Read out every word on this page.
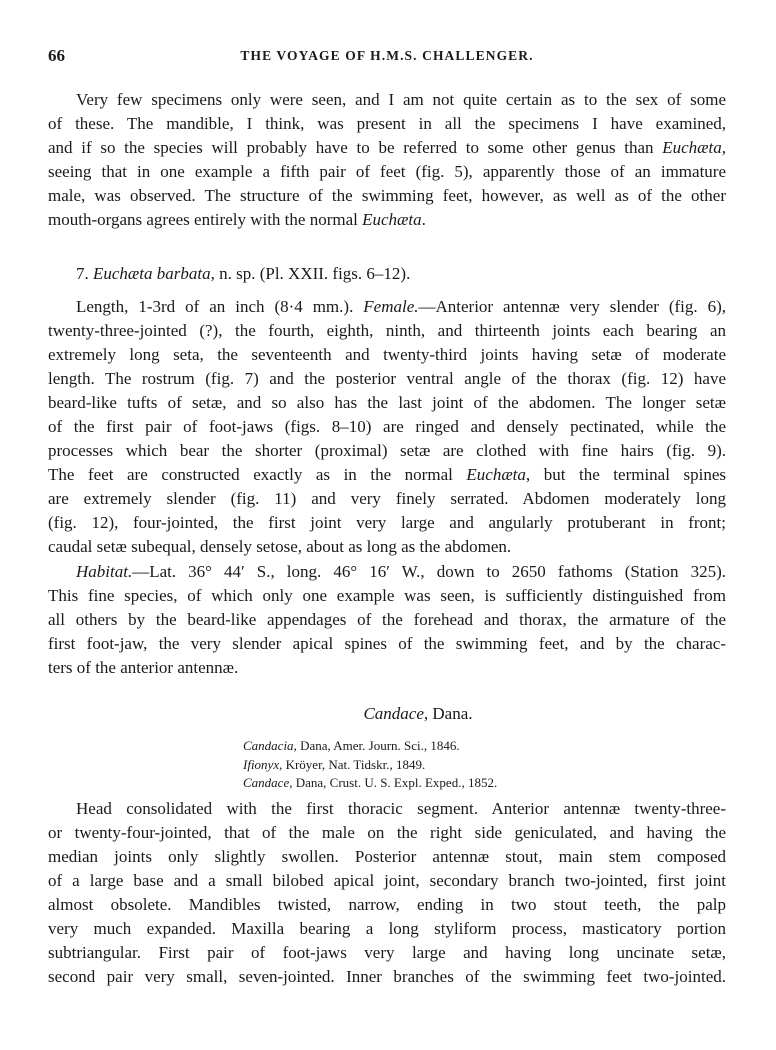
66	THE VOYAGE OF H.M.S. CHALLENGER.
Very few specimens only were seen, and I am not quite certain as to the sex of some
of these. The mandible, I think, was present in all the specimens I have examined,
and if so the species will probably have to be referred to some other genus than Euchæta,
seeing that in one example a fifth pair of feet (fig. 5), apparently those of an immature
male, was observed. The structure of the swimming feet, however, as well as of the other
mouth-organs agrees entirely with the normal Euchæta.

7. Euchæta barbata, n. sp. (Pl. XXII. figs. 6–12).

Length, 1-3rd of an inch (8·4 mm.). Female.—Anterior antennæ very slender (fig. 6),
twenty-three-jointed (?), the fourth, eighth, ninth, and thirteenth joints each bearing an
extremely long seta, the seventeenth and twenty-third joints having setæ of moderate
length. The rostrum (fig. 7) and the posterior ventral angle of the thorax (fig. 12) have
beard-like tufts of setæ, and so also has the last joint of the abdomen. The longer setæ
of the first pair of foot-jaws (figs. 8–10) are ringed and densely pectinated, while the
processes which bear the shorter (proximal) setæ are clothed with fine hairs (fig. 9).
The feet are constructed exactly as in the normal Euchæta, but the terminal spines
are extremely slender (fig. 11) and very finely serrated. Abdomen moderately long
(fig. 12), four-jointed, the first joint very large and angularly protuberant in front;
caudal setæ subequal, densely setose, about as long as the abdomen.
Habitat.—Lat. 36° 44′ S., long. 46° 16′ W., down to 2650 fathoms (Station 325).
This fine species, of which only one example was seen, is sufficiently distinguished from
all others by the beard-like appendages of the forehead and thorax, the armature of the
first foot-jaw, the very slender apical spines of the swimming feet, and by the charac-
ters of the anterior antennæ.

Candace, Dana.

Candacia, Dana, Amer. Journ. Sci., 1846.
Ifionyx, Kröyer, Nat. Tidskr., 1849.
Candace, Dana, Crust. U. S. Expl. Exped., 1852.
Head consolidated with the first thoracic segment. Anterior antennæ twenty-three-
or twenty-four-jointed, that of the male on the right side geniculated, and having the
median joints only slightly swollen. Posterior antennæ stout, main stem composed
of a large base and a small bilobed apical joint, secondary branch two-jointed, first joint
almost obsolete. Mandibles twisted, narrow, ending in two stout teeth, the palp
very much expanded. Maxilla bearing a long styliform process, masticatory portion
subtriangular. First pair of foot-jaws very large and having long uncinate setæ,
second pair very small, seven-jointed. Inner branches of the swimming feet two-jointed.
